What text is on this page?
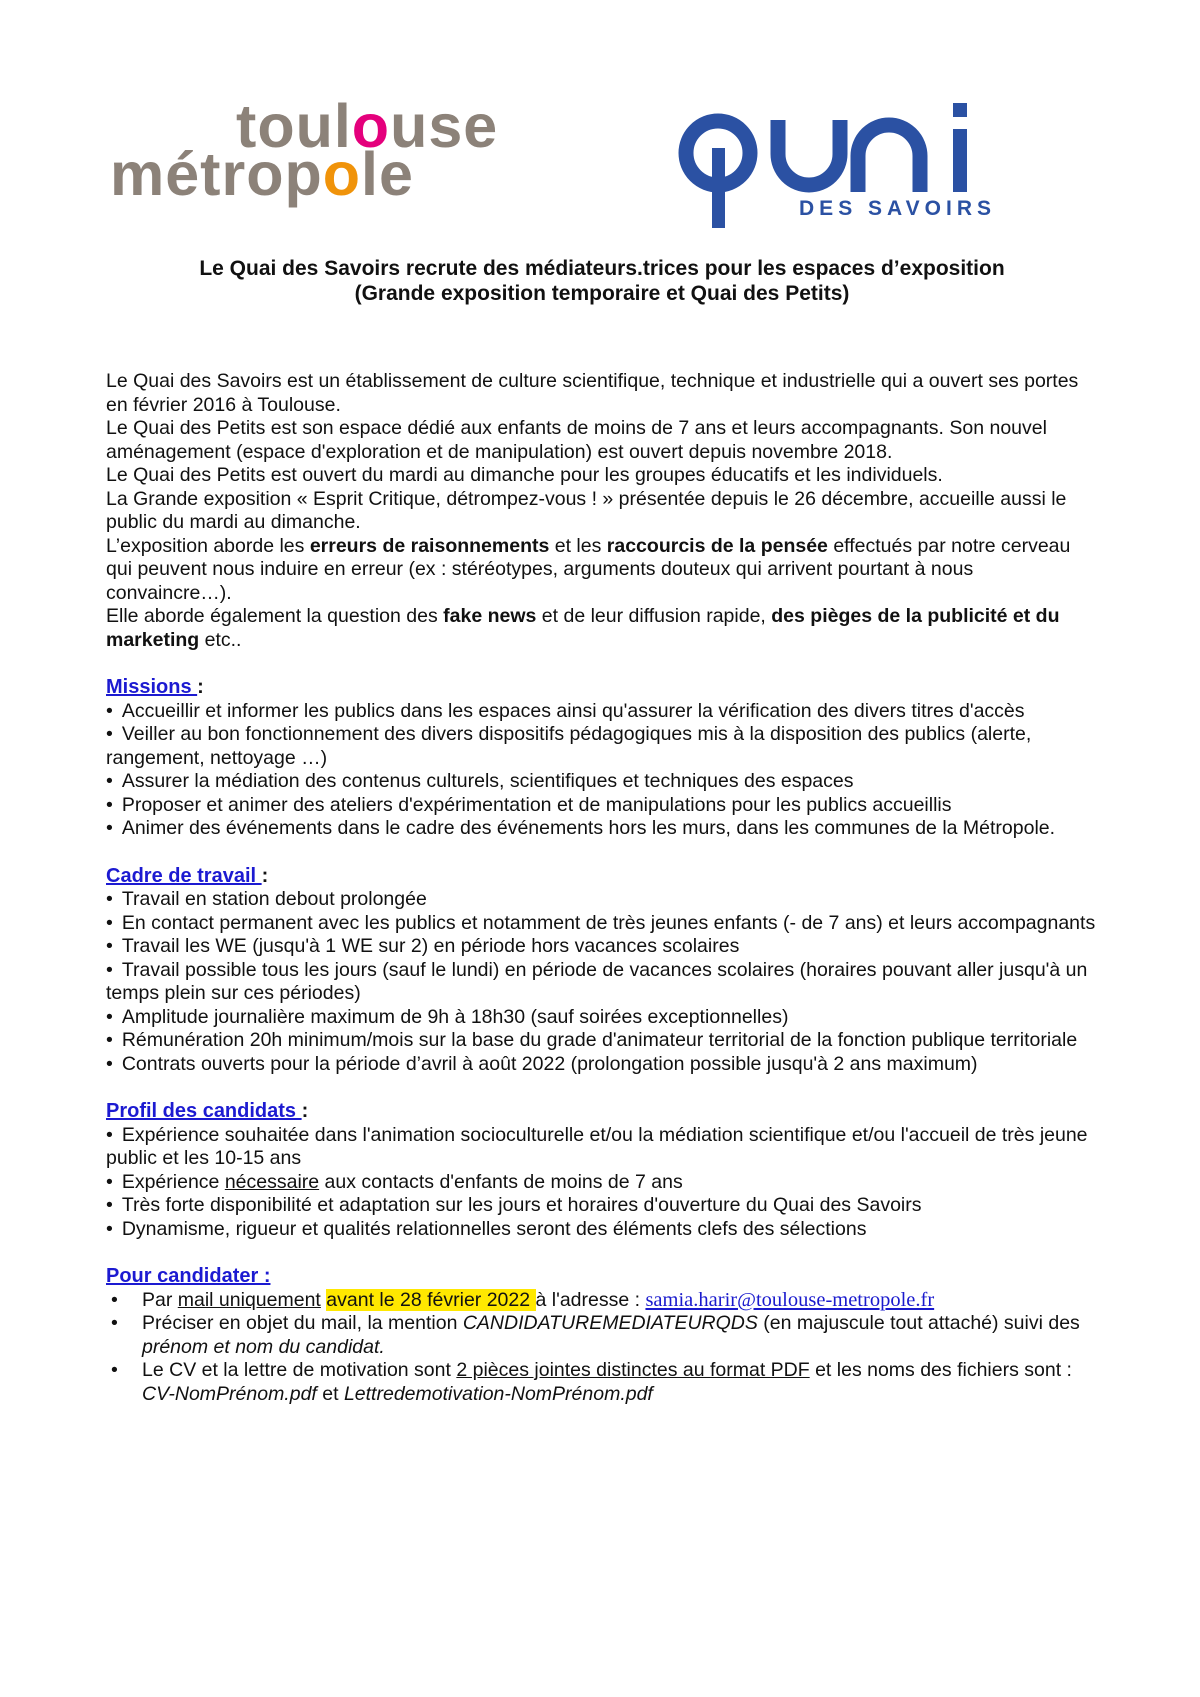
toulouse
métropole
DES SAVOIRS
Le Quai des Savoirs recrute des médiateurs.trices pour les espaces d’exposition
(Grande exposition temporaire et Quai des Petits)

Le Quai des Savoirs est un établissement de culture scientifique, technique et industrielle qui a ouvert ses portes en février 2016 à Toulouse.

Le Quai des Petits est son espace dédié aux enfants de moins de 7 ans et leurs accompagnants. Son nouvel aménagement (espace d'exploration et de manipulation) est ouvert depuis novembre 2018.

Le Quai des Petits est ouvert du mardi au dimanche pour les groupes éducatifs et les individuels.

La Grande exposition « Esprit Critique, détrompez-vous ! » présentée depuis le 26 décembre, accueille aussi le public du mardi au dimanche.

L’exposition aborde les erreurs de raisonnements et les raccourcis de la pensée effectués par notre cerveau qui peuvent nous induire en erreur (ex : stéréotypes, arguments douteux qui arrivent pourtant à nous convaincre…).

Elle aborde également la question des fake news et de leur diffusion rapide, des pièges de la publicité et du marketing etc..

Missions :

• Accueillir et informer les publics dans les espaces ainsi qu'assurer la vérification des divers titres d'accès

• Veiller au bon fonctionnement des divers dispositifs pédagogiques mis à la disposition des publics (alerte, rangement, nettoyage …)

• Assurer la médiation des contenus culturels, scientifiques et techniques des espaces

• Proposer et animer des ateliers d'expérimentation et de manipulations pour les publics accueillis

• Animer des événements dans le cadre des événements hors les murs, dans les communes de la Métropole.

Cadre de travail :

• Travail en station debout prolongée

• En contact permanent avec les publics et notamment de très jeunes enfants (- de 7 ans) et leurs accompagnants

• Travail les WE (jusqu'à 1 WE sur 2) en période hors vacances scolaires

• Travail possible tous les jours (sauf le lundi) en période de vacances scolaires (horaires pouvant aller jusqu'à un temps plein sur ces périodes)

• Amplitude journalière maximum de 9h à 18h30 (sauf soirées exceptionnelles)

• Rémunération 20h minimum/mois sur la base du grade d'animateur territorial de la fonction publique territoriale

• Contrats ouverts pour la période d’avril à août 2022 (prolongation possible jusqu'à 2 ans maximum)

Profil des candidats :

• Expérience souhaitée dans l'animation socioculturelle et/ou la médiation scientifique et/ou l'accueil de très jeune public et les 10-15 ans

• Expérience nécessaire aux contacts d'enfants de moins de 7 ans

• Très forte disponibilité et adaptation sur les jours et horaires d'ouverture du Quai des Savoirs

• Dynamisme, rigueur et qualités relationnelles seront des éléments clefs des sélections

Pour candidater :

• Par mail uniquement avant le 28 février 2022 à l'adresse : samia.harir@toulouse-metropole.fr

• Préciser en objet du mail, la mention CANDIDATUREMEDIATEURQDS (en majuscule tout attaché) suivi des prénom et nom du candidat.

• Le CV et la lettre de motivation sont 2 pièces jointes distinctes au format PDF et les noms des fichiers sont : CV-NomPrénom.pdf et Lettredemotivation-NomPrénom.pdf
